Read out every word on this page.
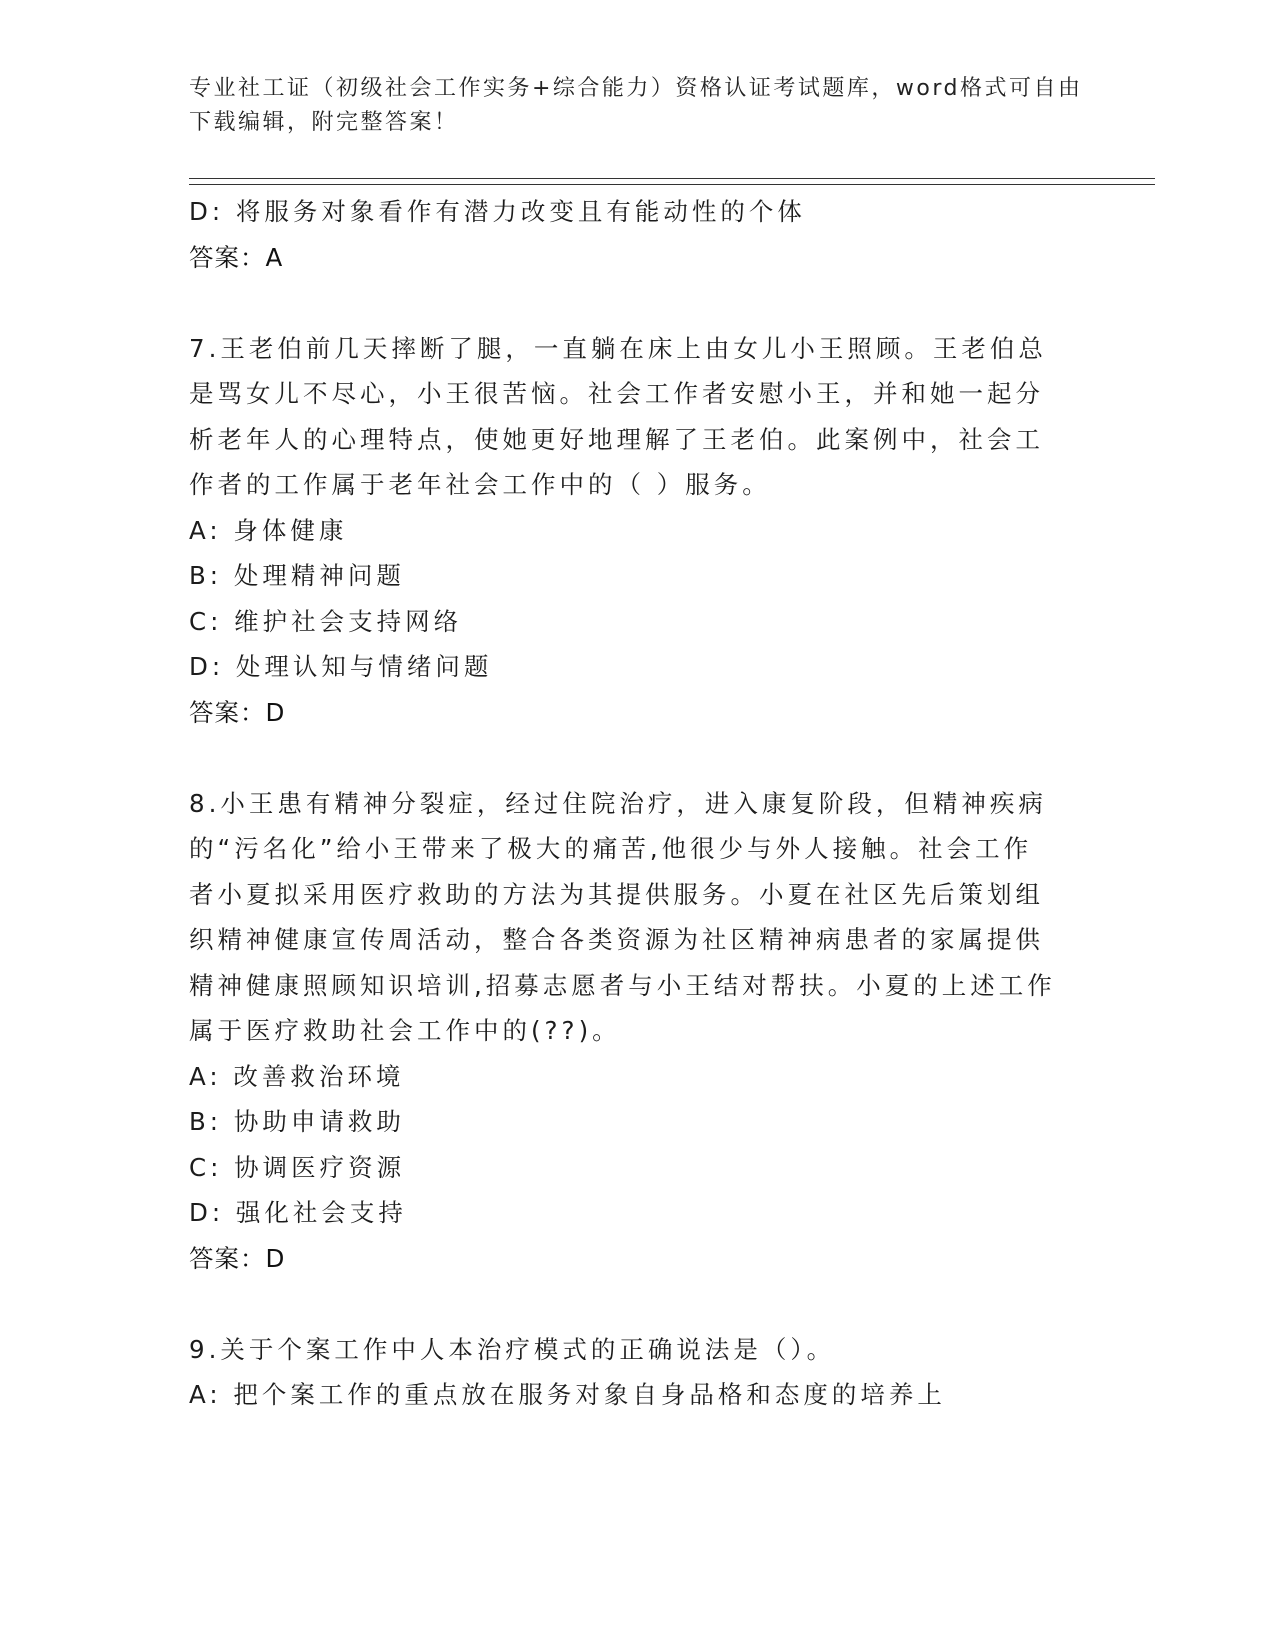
专业社工证（初级社会工作实务+综合能力）资格认证考试题库，word格式可自由
下载编辑，附完整答案！
D: 将服务对象看作有潜力改变且有能动性的个体
答案：A
7.王老伯前几天摔断了腿，一直躺在床上由女儿小王照顾。王老伯总
是骂女儿不尽心，小王很苦恼。社会工作者安慰小王，并和她一起分
析老年人的心理特点，使她更好地理解了王老伯。此案例中，社会工
作者的工作属于老年社会工作中的（ ）服务。
A: 身体健康
B: 处理精神问题
C: 维护社会支持网络
D: 处理认知与情绪问题
答案：D
8.小王患有精神分裂症，经过住院治疗，进入康复阶段，但精神疾病
的“污名化”给小王带来了极大的痛苦,他很少与外人接触。社会工作
者小夏拟采用医疗救助的方法为其提供服务。小夏在社区先后策划组
织精神健康宣传周活动，整合各类资源为社区精神病患者的家属提供
精神健康照顾知识培训,招募志愿者与小王结对帮扶。小夏的上述工作
属于医疗救助社会工作中的(??)。
A: 改善救治环境
B: 协助申请救助
C: 协调医疗资源
D: 强化社会支持
答案：D
9.关于个案工作中人本治疗模式的正确说法是（）。
A: 把个案工作的重点放在服务对象自身品格和态度的培养上
